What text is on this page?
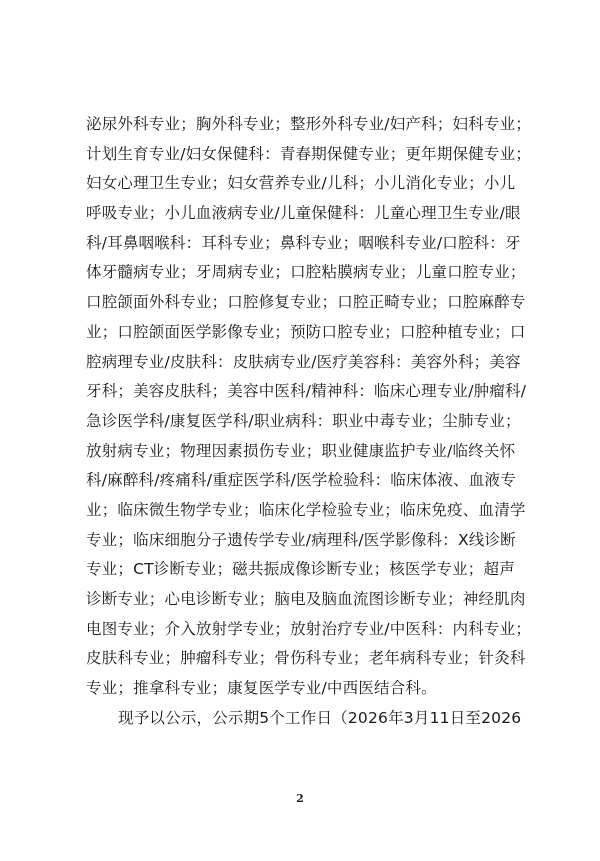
泌尿外科专业；胸外科专业；整形外科专业/妇产科；妇科专业；
计划生育专业/妇女保健科：青春期保健专业；更年期保健专业；
妇女心理卫生专业；妇女营养专业/儿科；小儿消化专业；小儿
呼吸专业；小儿血液病专业/儿童保健科：儿童心理卫生专业/眼
科/耳鼻咽喉科：耳科专业；鼻科专业；咽喉科专业/口腔科：牙
体牙髓病专业；牙周病专业；口腔粘膜病专业；儿童口腔专业；
口腔颌面外科专业；口腔修复专业；口腔正畸专业；口腔麻醉专
业；口腔颌面医学影像专业；预防口腔专业；口腔种植专业；口
腔病理专业/皮肤科：皮肤病专业/医疗美容科：美容外科；美容
牙科；美容皮肤科；美容中医科/精神科：临床心理专业/肿瘤科/
急诊医学科/康复医学科/职业病科：职业中毒专业；尘肺专业；
放射病专业；物理因素损伤专业；职业健康监护专业/临终关怀
科/麻醉科/疼痛科/重症医学科/医学检验科：临床体液、血液专
业；临床微生物学专业；临床化学检验专业；临床免疫、血清学
专业；临床细胞分子遗传学专业/病理科/医学影像科：X线诊断
专业；CT诊断专业；磁共振成像诊断专业；核医学专业；超声
诊断专业；心电诊断专业；脑电及脑血流图诊断专业；神经肌肉
电图专业；介入放射学专业；放射治疗专业/中医科：内科专业；
皮肤科专业；肿瘤科专业；骨伤科专业；老年病科专业；针灸科
专业；推拿科专业；康复医学专业/中西医结合科。
现予以公示，公示期5个工作日（2026年3月11日至2026
2
